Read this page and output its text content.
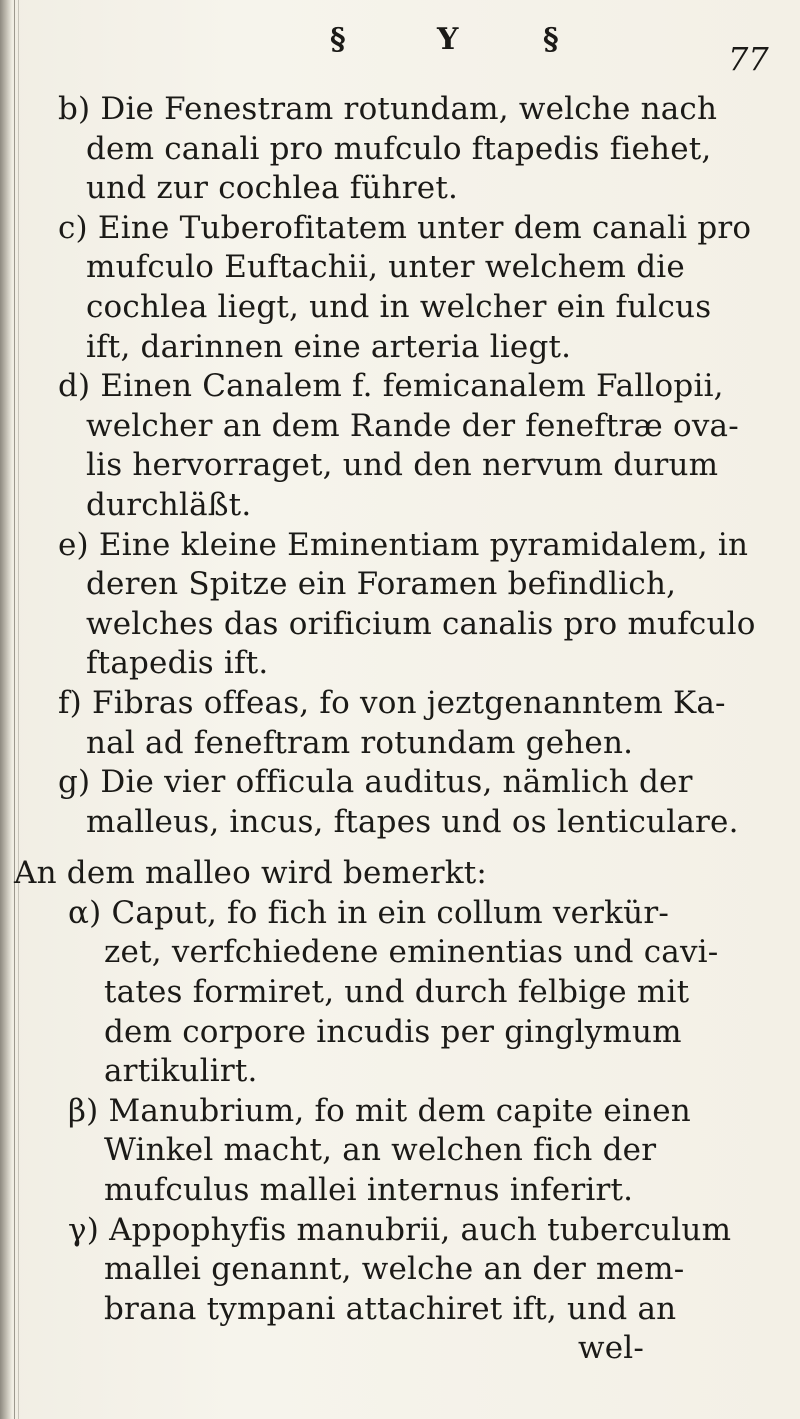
§	Y	§
77
b) Die Fenestram rotundam, welche nach
dem canali pro mufculo ftapedis fiehet,
und zur cochlea führet.
c) Eine Tuberofitatem unter dem canali pro
mufculo Euftachii, unter welchem die
cochlea liegt, und in welcher ein fulcus
ift, darinnen eine arteria liegt.
d) Einen Canalem f. femicanalem Fallopii,
welcher an dem Rande der feneftræ ova-
lis hervorraget, und den nervum durum
durchläßt.
e) Eine kleine Eminentiam pyramidalem, in
deren Spitze ein Foramen befindlich,
welches das orificium canalis pro mufculo
ftapedis ift.
f) Fibras offeas, fo von jeztgenanntem Ka-
nal ad feneftram rotundam gehen.
g) Die vier officula auditus, nämlich der
malleus, incus, ftapes und os lenticulare.
An dem malleo wird bemerkt:
α) Caput, fo fich in ein collum verkür-
zet, verfchiedene eminentias und cavi-
tates formiret, und durch felbige mit
dem corpore incudis per ginglymum
artikulirt.
β) Manubrium, fo mit dem capite einen
Winkel macht, an welchen fich der
mufculus mallei internus inferirt.
γ) Appophyfis manubrii, auch tuberculum
mallei genannt, welche an der mem-
brana tympani attachiret ift, und an
wel-
